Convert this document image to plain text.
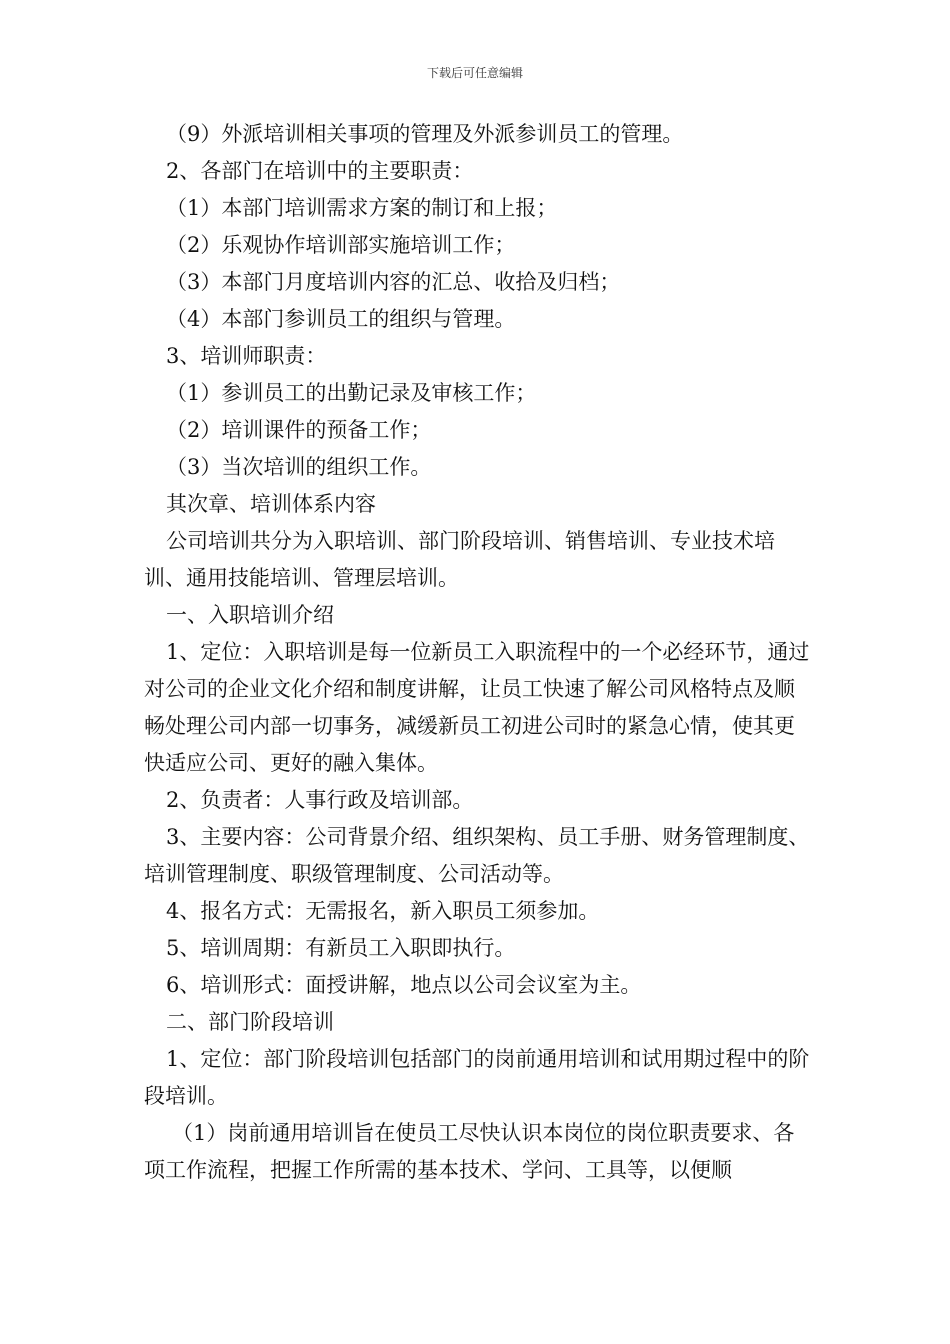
下载后可任意编辑

（9）外派培训相关事项的管理及外派参训员工的管理。

2、各部门在培训中的主要职责：

（1）本部门培训需求方案的制订和上报；

（2）乐观协作培训部实施培训工作；

（3）本部门月度培训内容的汇总、收拾及归档；

（4）本部门参训员工的组织与管理。

3、培训师职责：

（1）参训员工的出勤记录及审核工作；

（2）培训课件的预备工作；

（3）当次培训的组织工作。

其次章、培训体系内容

公司培训共分为入职培训、部门阶段培训、销售培训、专业技术培训、通用技能培训、管理层培训。

一、入职培训介绍

1、定位：入职培训是每一位新员工入职流程中的一个必经环节，通过对公司的企业文化介绍和制度讲解，让员工快速了解公司风格特点及顺畅处理公司内部一切事务，减缓新员工初进公司时的紧急心情，使其更快适应公司、更好的融入集体。

2、负责者：人事行政及培训部。

3、主要内容：公司背景介绍、组织架构、员工手册、财务管理制度、培训管理制度、职级管理制度、公司活动等。

4、报名方式：无需报名，新入职员工须参加。

5、培训周期：有新员工入职即执行。

6、培训形式：面授讲解，地点以公司会议室为主。

二、部门阶段培训

1、定位：部门阶段培训包括部门的岗前通用培训和试用期过程中的阶段培训。

（1）岗前通用培训旨在使员工尽快认识本岗位的岗位职责要求、各项工作流程，把握工作所需的基本技术、学问、工具等，以便顺
